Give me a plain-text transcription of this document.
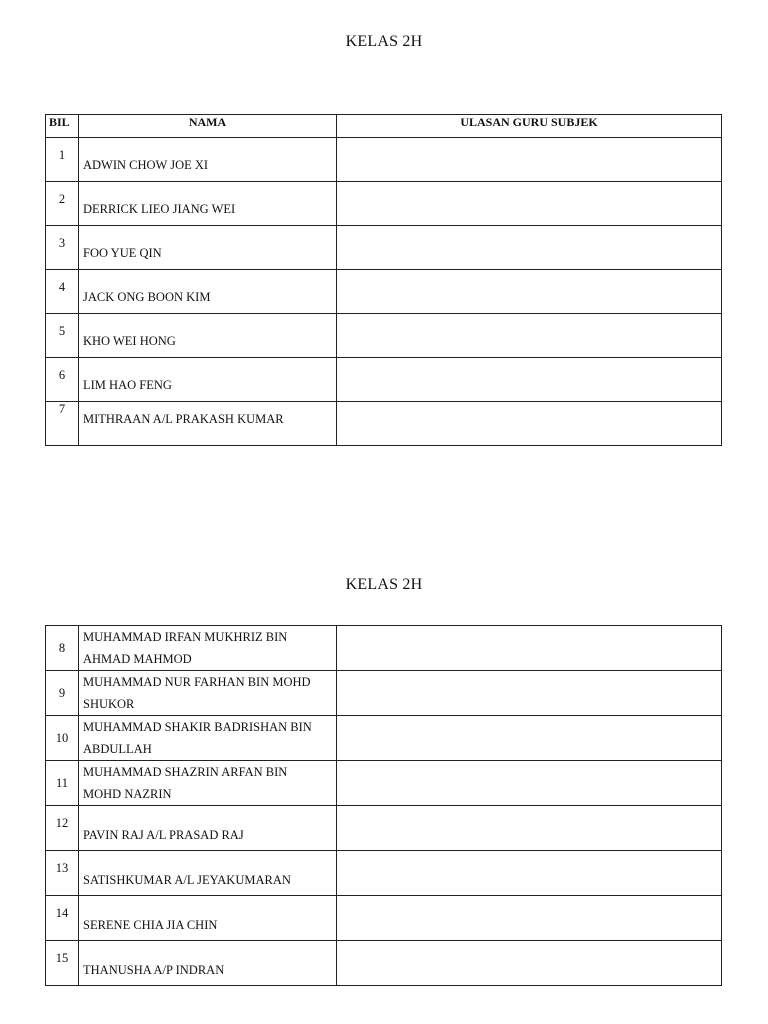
KELAS 2H
BIL	NAMA	ULASAN GURU SUBJEK
1	ADWIN CHOW JOE XI	
2	DERRICK LIEO JIANG WEI	
3	FOO YUE QIN	
4	JACK ONG BOON KIM	
5	KHO WEI HONG	
6	LIM HAO FENG	
7	MITHRAAN A/L PRAKASH KUMAR	
KELAS 2H
8	MUHAMMAD IRFAN MUKHRIZ BIN
AHMAD MAHMOD	

9	MUHAMMAD NUR FARHAN BIN MOHD
SHUKOR	

10	MUHAMMAD SHAKIR BADRISHAN BIN
ABDULLAH	

11	MUHAMMAD SHAZRIN ARFAN BIN
MOHD NAZRIN	

12	PAVIN RAJ A/L PRASAD RAJ	
13	SATISHKUMAR A/L JEYAKUMARAN	
14	SERENE CHIA JIA CHIN	
15	THANUSHA A/P INDRAN	
